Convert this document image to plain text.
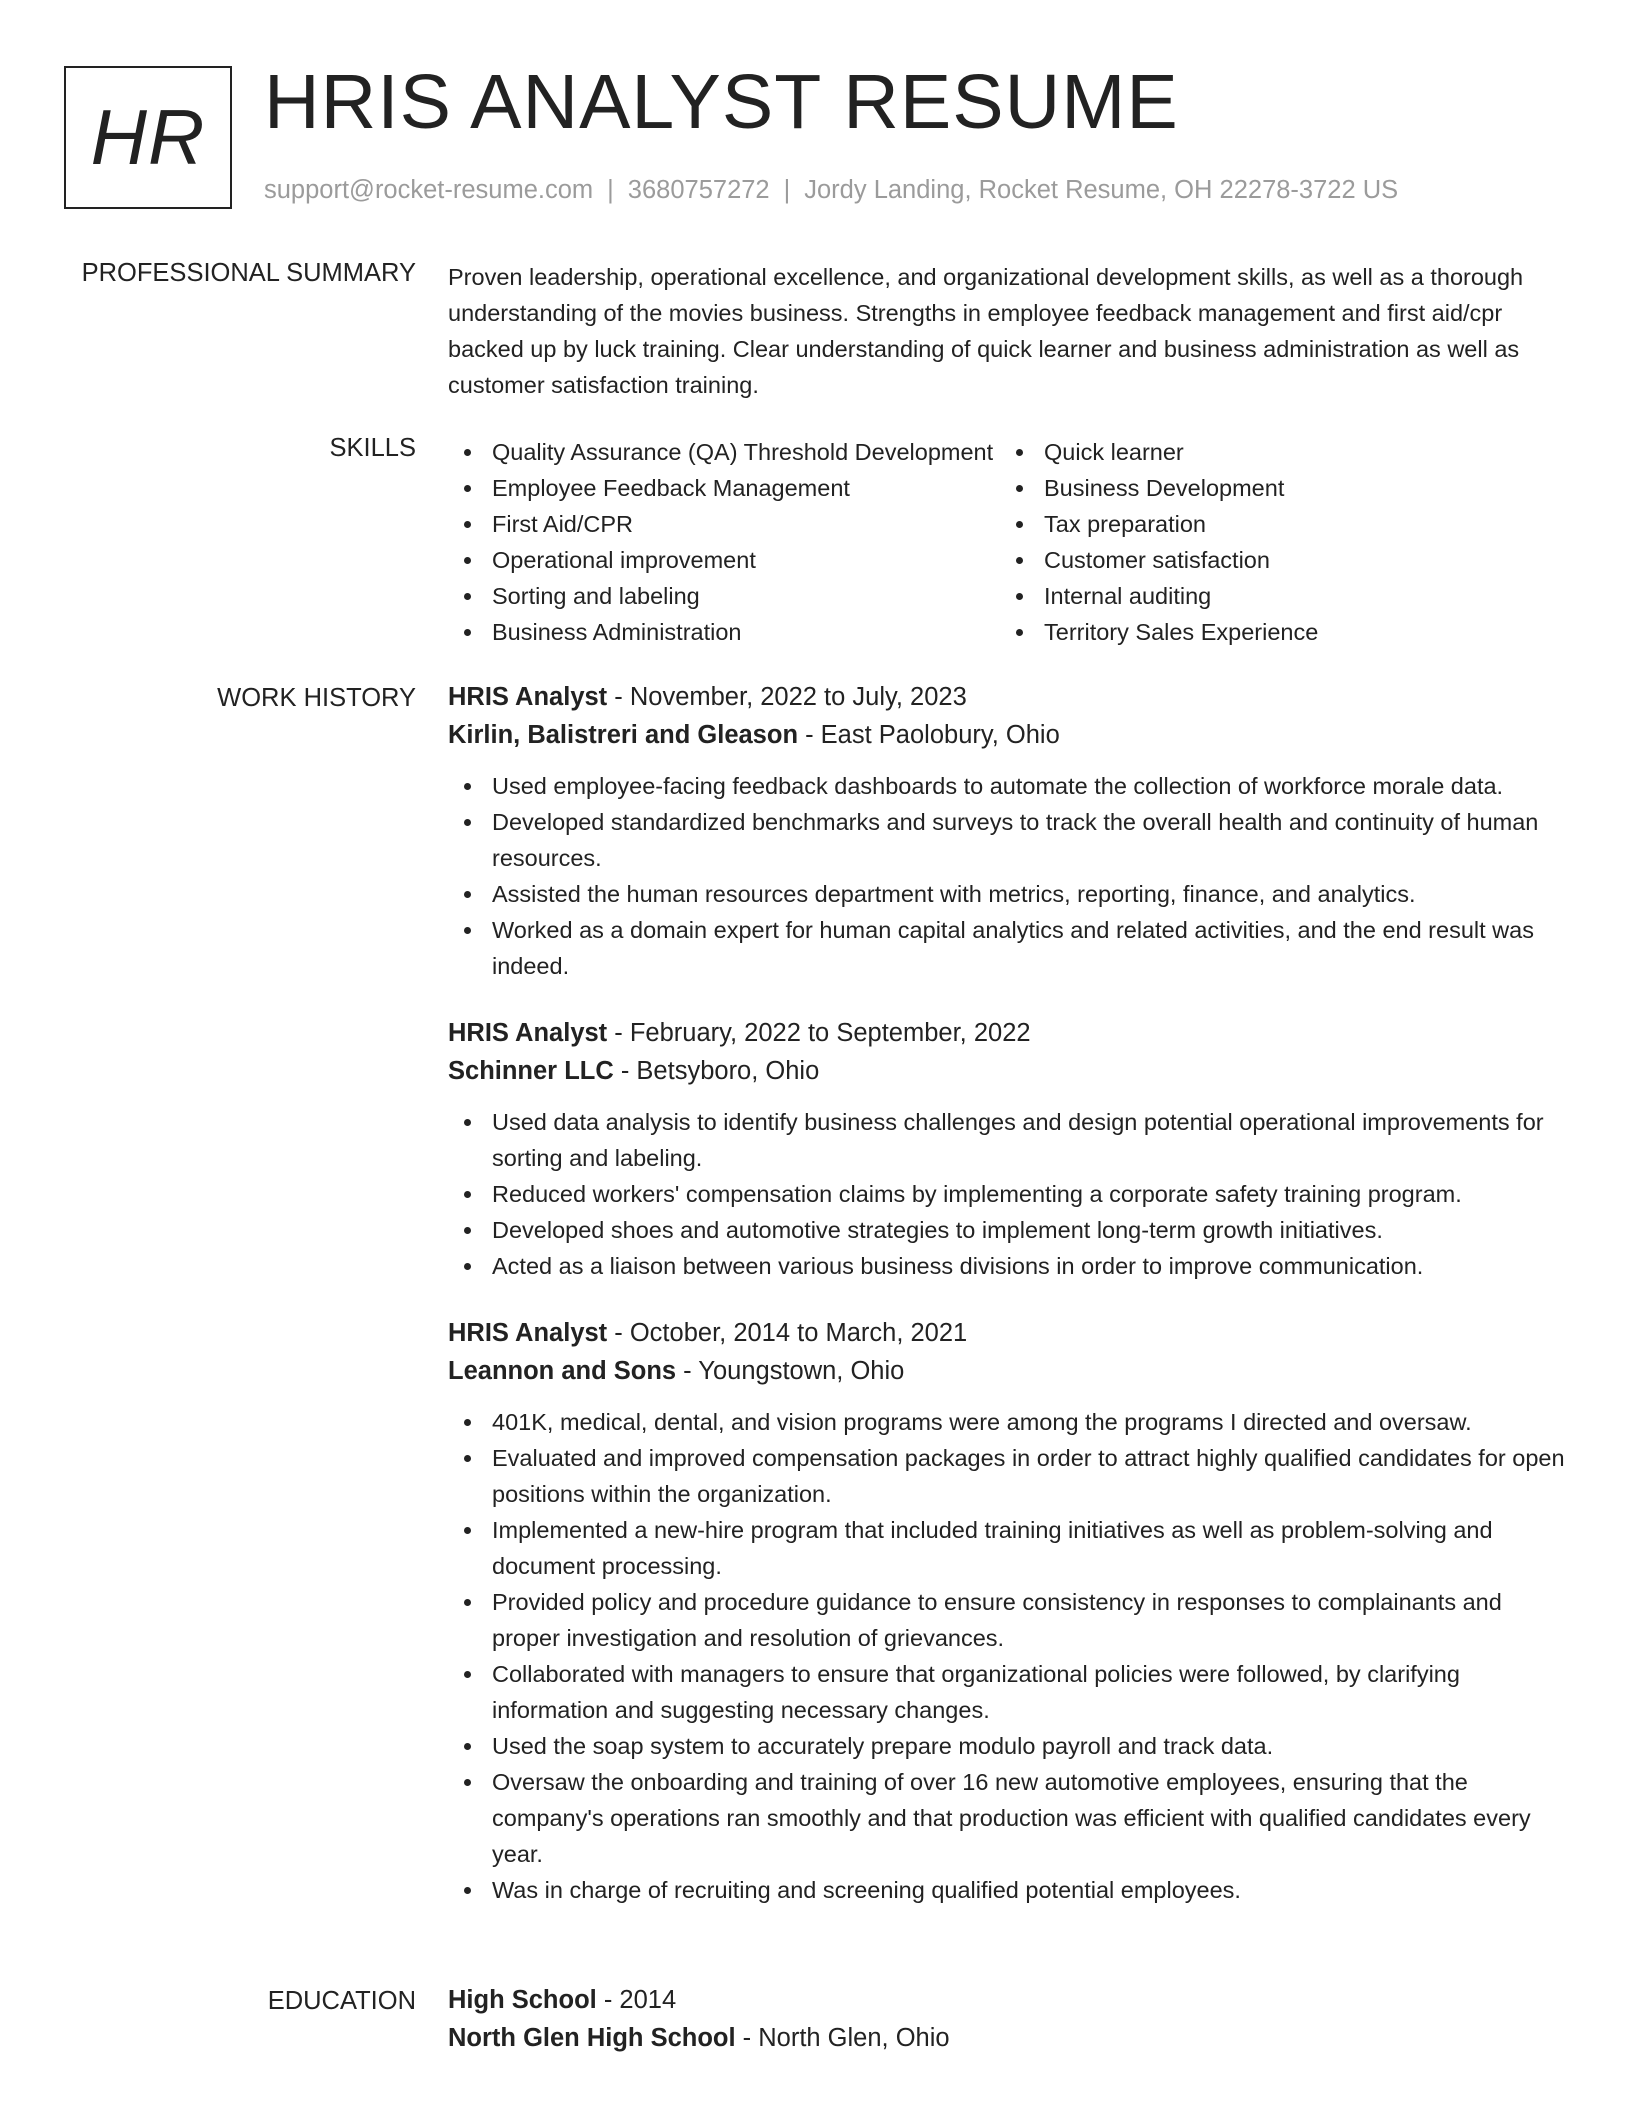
HR HRIS ANALYST RESUME
support@rocket-resume.com | 3680757272 | Jordy Landing, Rocket Resume, OH 22278-3722 US
PROFESSIONAL SUMMARY Proven leadership, operational excellence, and organizational development skills, as well as a thorough understanding of the movies business. Strengths in employee feedback management and first aid/cpr backed up by luck training. Clear understanding of quick learner and business administration as well as customer satisfaction training.
SKILLS	Quality Assurance (QA) Threshold Development
Employee Feedback Management
First Aid/CPR
Operational improvement
Sorting and labeling
Business Administration
Quick learner
Business Development
Tax preparation
Customer satisfaction
Internal auditing
Territory Sales Experience
WORK HISTORY HRIS Analyst - November, 2022 to July, 2023
Kirlin, Balistreri and Gleason - East Paolobury, Ohio
Used employee-facing feedback dashboards to automate the collection of workforce morale data.
Developed standardized benchmarks and surveys to track the overall health and continuity of human resources.
Assisted the human resources department with metrics, reporting, finance, and analytics.
Worked as a domain expert for human capital analytics and related activities, and the end result was indeed.
HRIS Analyst - February, 2022 to September, 2022
Schinner LLC - Betsyboro, Ohio
Used data analysis to identify business challenges and design potential operational improvements for sorting and labeling.
Reduced workers' compensation claims by implementing a corporate safety training program.
Developed shoes and automotive strategies to implement long-term growth initiatives.
Acted as a liaison between various business divisions in order to improve communication.
HRIS Analyst - October, 2014 to March, 2021
Leannon and Sons - Youngstown, Ohio
401K, medical, dental, and vision programs were among the programs I directed and oversaw.
Evaluated and improved compensation packages in order to attract highly qualified candidates for open positions within the organization.
Implemented a new-hire program that included training initiatives as well as problem-solving and document processing.
Provided policy and procedure guidance to ensure consistency in responses to complainants and proper investigation and resolution of grievances.
Collaborated with managers to ensure that organizational policies were followed, by clarifying information and suggesting necessary changes.
Used the soap system to accurately prepare modulo payroll and track data.
Oversaw the onboarding and training of over 16 new automotive employees, ensuring that the company's operations ran smoothly and that production was efficient with qualified candidates every year.
Was in charge of recruiting and screening qualified potential employees.
EDUCATION High School - 2014
North Glen High School - North Glen, Ohio
